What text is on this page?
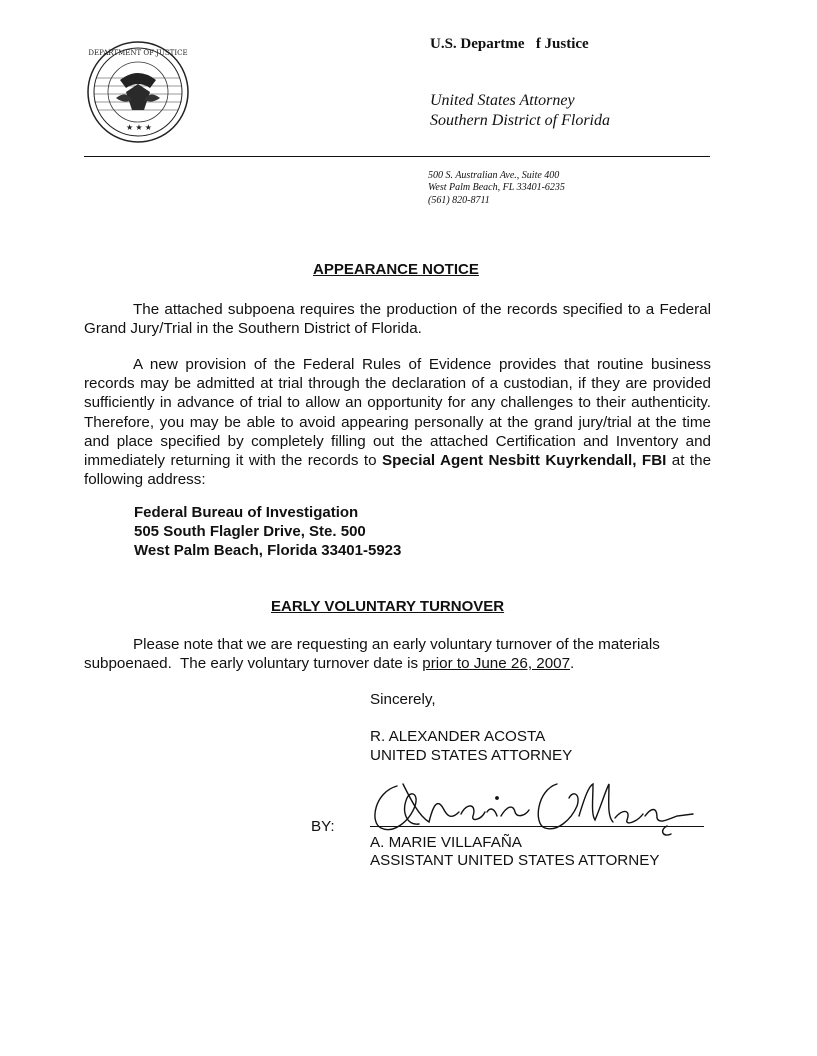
★ ★ ★
DEPARTMENT OF JUSTICE
U.S. Departme   f Justice
United States Attorney
Southern District of Florida
500 S. Australian Ave., Suite 400
West Palm Beach, FL 33401-6235
(561) 820-8711
APPEARANCE NOTICE
The attached subpoena requires the production of the records specified to a Federal Grand Jury/Trial in the Southern District of Florida.
A new provision of the Federal Rules of Evidence provides that routine business records may be admitted at trial through the declaration of a custodian, if they are provided sufficiently in advance of trial to allow an opportunity for any challenges to their authenticity. Therefore, you may be able to avoid appearing personally at the grand jury/trial at the time and place specified by completely filling out the attached Certification and Inventory and immediately returning it with the records to Special Agent Nesbitt Kuyrkendall, FBI at the following address:
Federal Bureau of Investigation
505 South Flagler Drive, Ste. 500
West Palm Beach, Florida 33401-5923
EARLY VOLUNTARY TURNOVER
Please note that we are requesting an early voluntary turnover of the materials
subpoenaed.  The early voluntary turnover date is prior to June 26, 2007.
Sincerely,
R. ALEXANDER ACOSTA
UNITED STATES ATTORNEY
BY:
A. MARIE VILLAFAÑA
ASSISTANT UNITED STATES ATTORNEY
